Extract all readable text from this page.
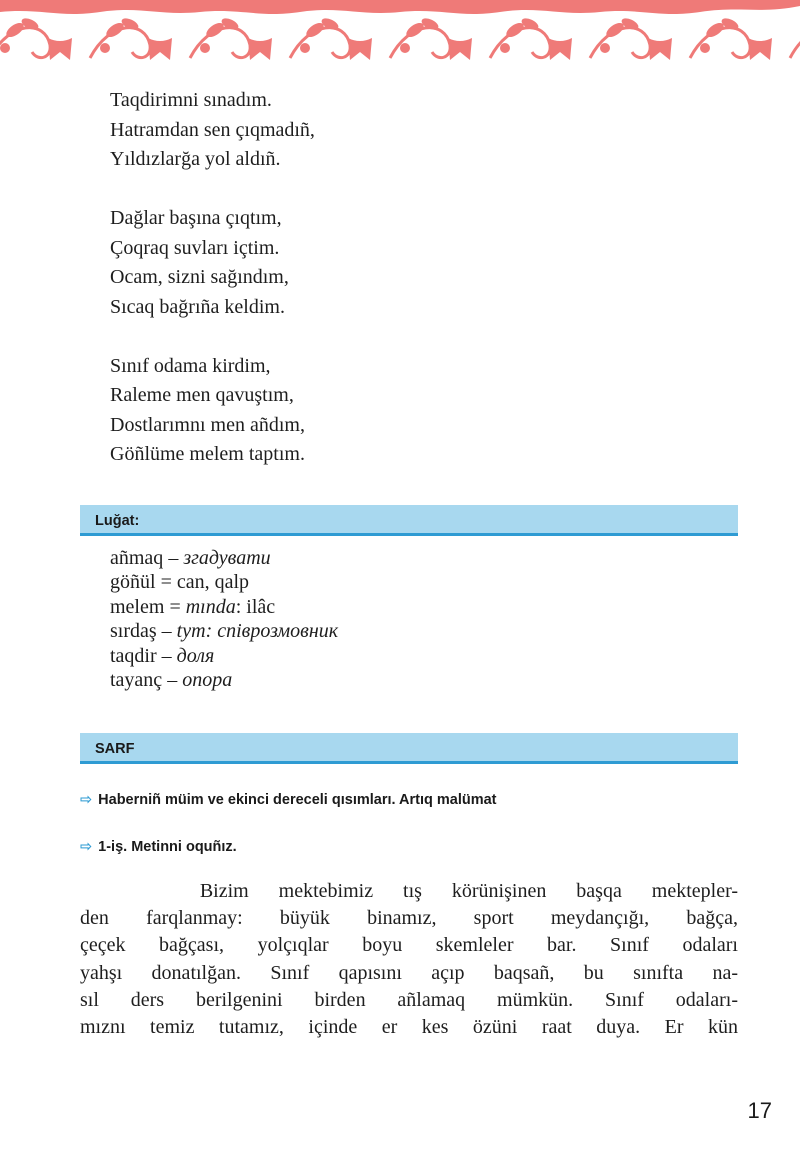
Taqdirimni sınadım.
Hatramdan sen çıqmadıñ,
Yıldızlarğa yol aldıñ.
Dağlar başına çıqtım,
Çoqraq suvları içtim.
Ocam, sizni sağındım,
Sıcaq bağrıña keldim.
Sınıf odama kirdim,
Raleme men qavuştım,
Dostlarımnı men añdım,
Göñlüme melem taptım.
Luğat:
añmaq – згадувати
göñül = can, qalp
melem = mında: ilâc
sırdaş – tут: співрозмовник
taqdir – доля
tayanç – опора
SARF
⇨ Haberniñ müim ve ekinci dereceli qısımları. Artıq malümat
⇨ 1-iş. Metinni oquñız.
Bizim mektebimiz tış körünişinen başqa mektepler-
den farqlanmay: büyük binamız, sport meydançığı, bağça,
çeçek bağçası, yolçıqlar boyu skemleler bar. Sınıf odaları
yahşı donatılğan. Sınıf qapısını açıp baqsañ, bu sınıfta na-
sıl ders berilgenini birden añlamaq mümkün. Sınıf odaları-
mıznı temiz tutamız, içinde er kes özüni raat duya. Er kün
17
